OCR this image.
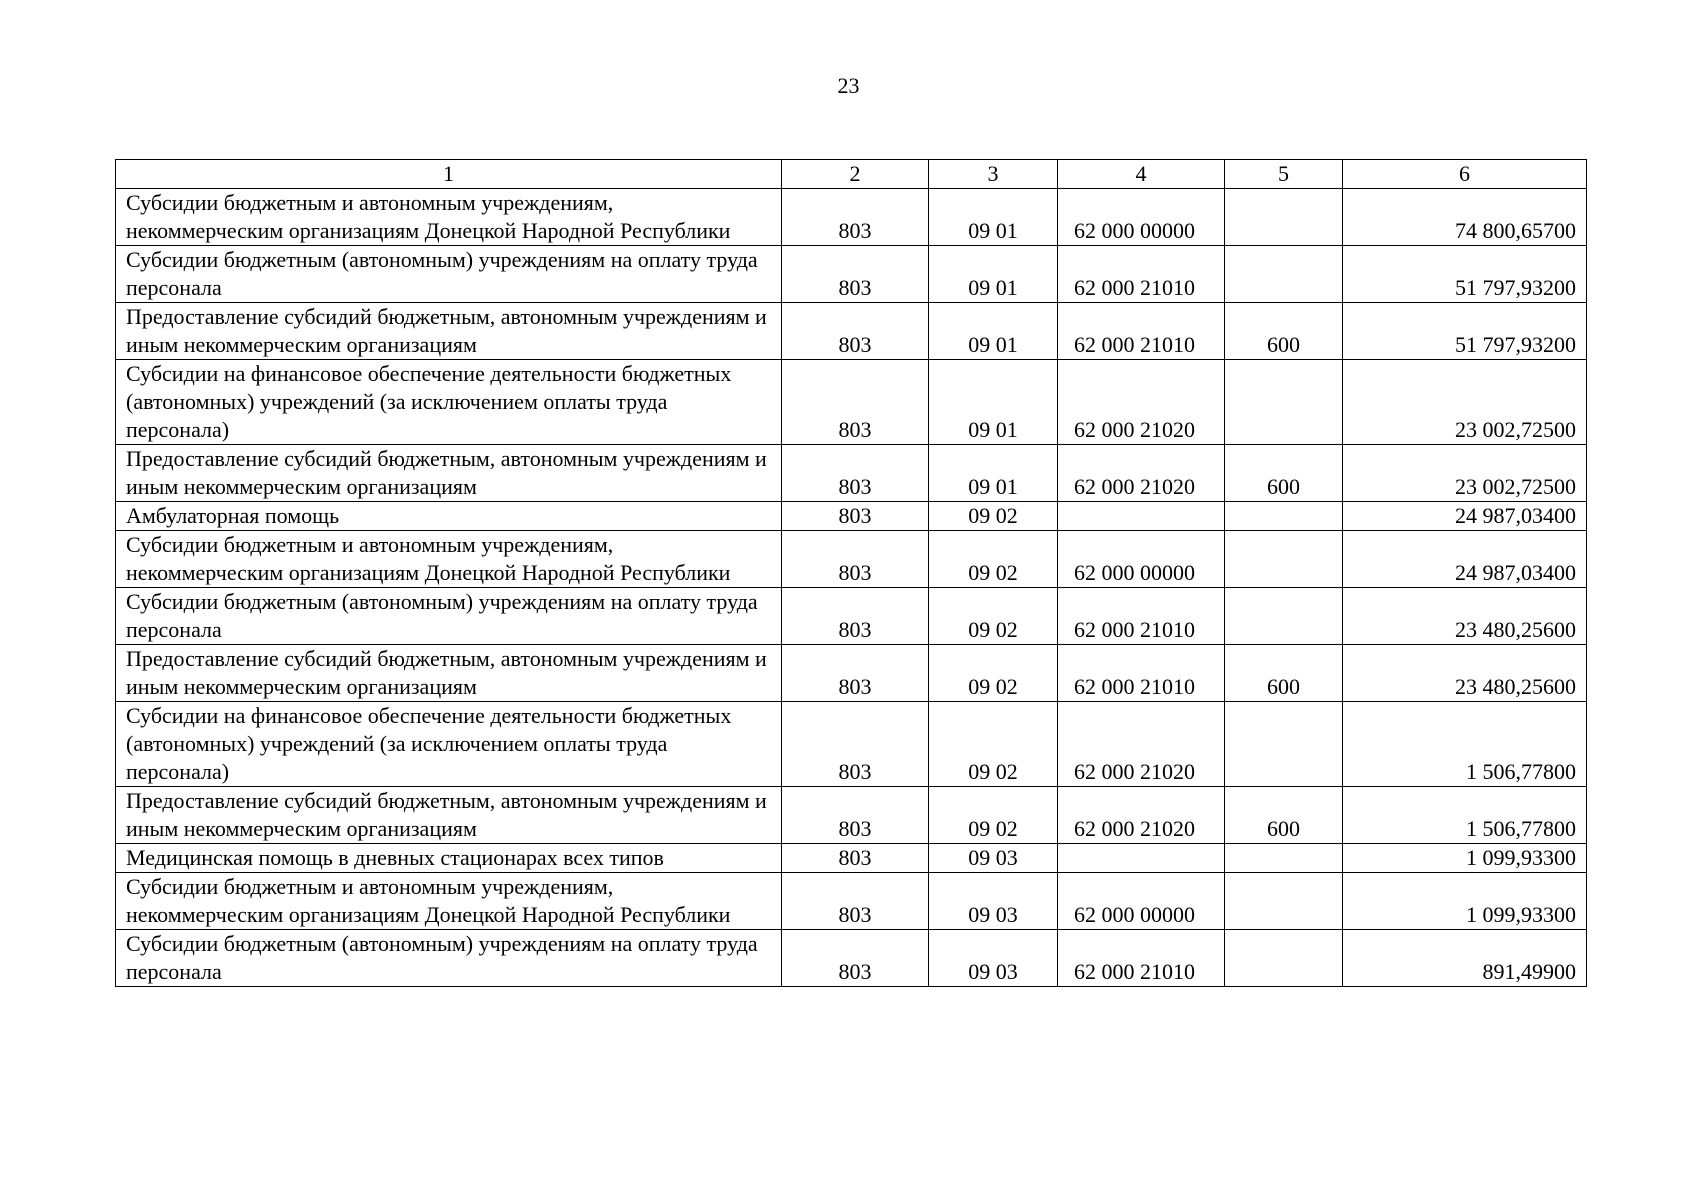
23
1	2	3	4	5	6
Субсидии бюджетным и автономным учреждениям, некоммерческим организациям Донецкой Народной Республики	803	09 01	62 000 00000		74 800,65700
Субсидии бюджетным (автономным) учреждениям на оплату труда персонала	803	09 01	62 000 21010		51 797,93200
Предоставление субсидий бюджетным, автономным учреждениям и иным некоммерческим организациям	803	09 01	62 000 21010	600	51 797,93200
Субсидии на финансовое обеспечение деятельности бюджетных (автономных) учреждений (за исключением оплаты труда персонала)	803	09 01	62 000 21020		23 002,72500
Предоставление субсидий бюджетным, автономным учреждениям и иным некоммерческим организациям	803	09 01	62 000 21020	600	23 002,72500
Амбулаторная помощь	803	09 02			24 987,03400
Субсидии бюджетным и автономным учреждениям, некоммерческим организациям Донецкой Народной Республики	803	09 02	62 000 00000		24 987,03400
Субсидии бюджетным (автономным) учреждениям на оплату труда персонала	803	09 02	62 000 21010		23 480,25600
Предоставление субсидий бюджетным, автономным учреждениям и иным некоммерческим организациям	803	09 02	62 000 21010	600	23 480,25600
Субсидии на финансовое обеспечение деятельности бюджетных (автономных) учреждений (за исключением оплаты труда персонала)	803	09 02	62 000 21020		1 506,77800
Предоставление субсидий бюджетным, автономным учреждениям и иным некоммерческим организациям	803	09 02	62 000 21020	600	1 506,77800
Медицинская помощь в дневных стационарах всех типов	803	09 03			1 099,93300
Субсидии бюджетным и автономным учреждениям, некоммерческим организациям Донецкой Народной Республики	803	09 03	62 000 00000		1 099,93300
Субсидии бюджетным (автономным) учреждениям на оплату труда персонала	803	09 03	62 000 21010		891,49900
